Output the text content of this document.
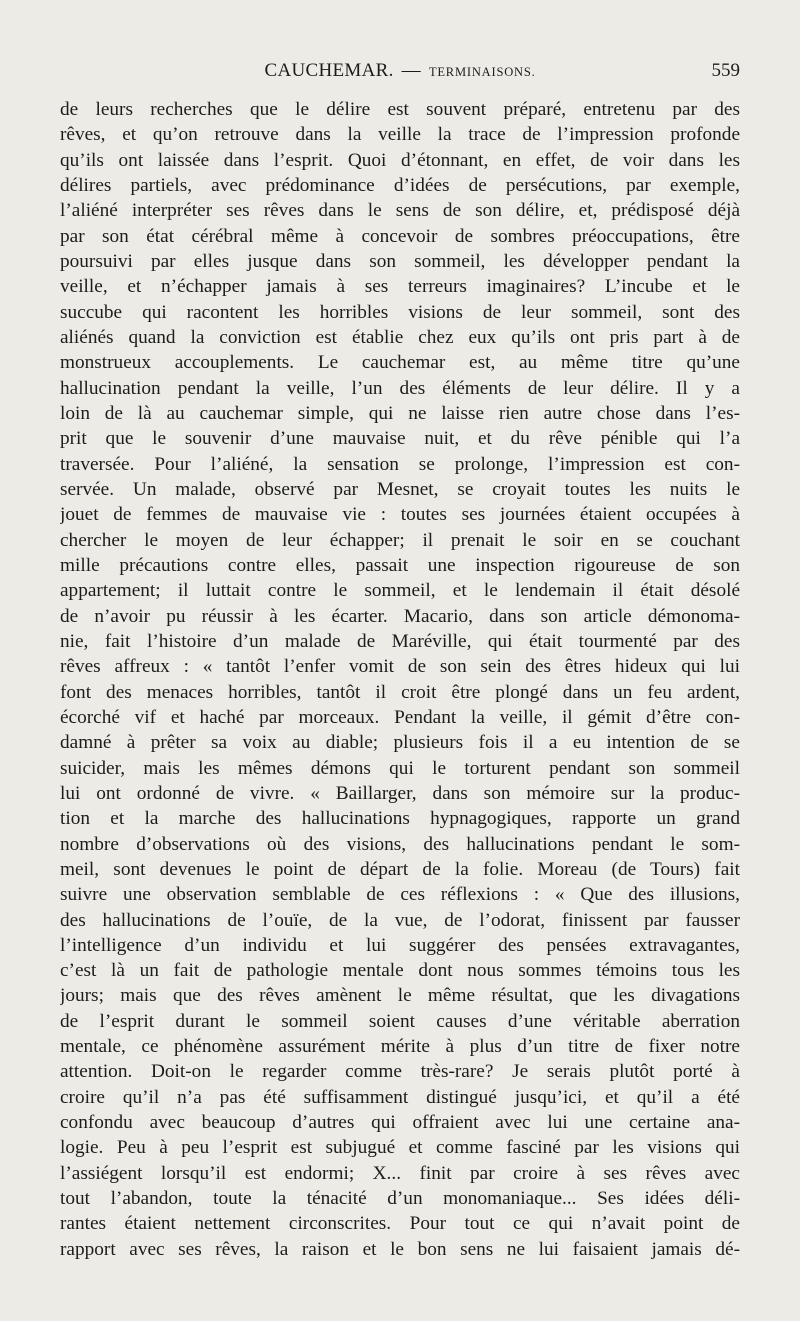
CAUCHEMAR. — TERMINAISONS.	559
de leurs recherches que le délire est souvent préparé, entretenu par des
rêves, et qu’on retrouve dans la veille la trace de l’impression profonde
qu’ils ont laissée dans l’esprit. Quoi d’étonnant, en effet, de voir dans les
délires partiels, avec prédominance d’idées de persécutions, par exemple,
l’aliéné interpréter ses rêves dans le sens de son délire, et, prédisposé déjà
par son état cérébral même à concevoir de sombres préoccupations, être
poursuivi par elles jusque dans son sommeil, les développer pendant la
veille, et n’échapper jamais à ses terreurs imaginaires? L’incube et le
succube qui racontent les horribles visions de leur sommeil, sont des
aliénés quand la conviction est établie chez eux qu’ils ont pris part à de
monstrueux accouplements. Le cauchemar est, au même titre qu’une
hallucination pendant la veille, l’un des éléments de leur délire. Il y a
loin de là au cauchemar simple, qui ne laisse rien autre chose dans l’es-
prit que le souvenir d’une mauvaise nuit, et du rêve pénible qui l’a
traversée. Pour l’aliéné, la sensation se prolonge, l’impression est con-
servée. Un malade, observé par Mesnet, se croyait toutes les nuits le
jouet de femmes de mauvaise vie : toutes ses journées étaient occupées à
chercher le moyen de leur échapper; il prenait le soir en se couchant
mille précautions contre elles, passait une inspection rigoureuse de son
appartement; il luttait contre le sommeil, et le lendemain il était désolé
de n’avoir pu réussir à les écarter. Macario, dans son article démonoma-
nie, fait l’histoire d’un malade de Maréville, qui était tourmenté par des
rêves affreux : « tantôt l’enfer vomit de son sein des êtres hideux qui lui
font des menaces horribles, tantôt il croit être plongé dans un feu ardent,
écorché vif et haché par morceaux. Pendant la veille, il gémit d’être con-
damné à prêter sa voix au diable; plusieurs fois il a eu intention de se
suicider, mais les mêmes démons qui le torturent pendant son sommeil
lui ont ordonné de vivre. « Baillarger, dans son mémoire sur la produc-
tion et la marche des hallucinations hypnagogiques, rapporte un grand
nombre d’observations où des visions, des hallucinations pendant le som-
meil, sont devenues le point de départ de la folie. Moreau (de Tours) fait
suivre une observation semblable de ces réflexions : « Que des illusions,
des hallucinations de l’ouïe, de la vue, de l’odorat, finissent par fausser
l’intelligence d’un individu et lui suggérer des pensées extravagantes,
c’est là un fait de pathologie mentale dont nous sommes témoins tous les
jours; mais que des rêves amènent le même résultat, que les divagations
de l’esprit durant le sommeil soient causes d’une véritable aberration
mentale, ce phénomène assurément mérite à plus d’un titre de fixer notre
attention. Doit-on le regarder comme très-rare? Je serais plutôt porté à
croire qu’il n’a pas été suffisamment distingué jusqu’ici, et qu’il a été
confondu avec beaucoup d’autres qui offraient avec lui une certaine ana-
logie. Peu à peu l’esprit est subjugué et comme fasciné par les visions qui
l’assiégent lorsqu’il est endormi; X... finit par croire à ses rêves avec
tout l’abandon, toute la ténacité d’un monomaniaque... Ses idées déli-
rantes étaient nettement circonscrites. Pour tout ce qui n’avait point de
rapport avec ses rêves, la raison et le bon sens ne lui faisaient jamais dé-
